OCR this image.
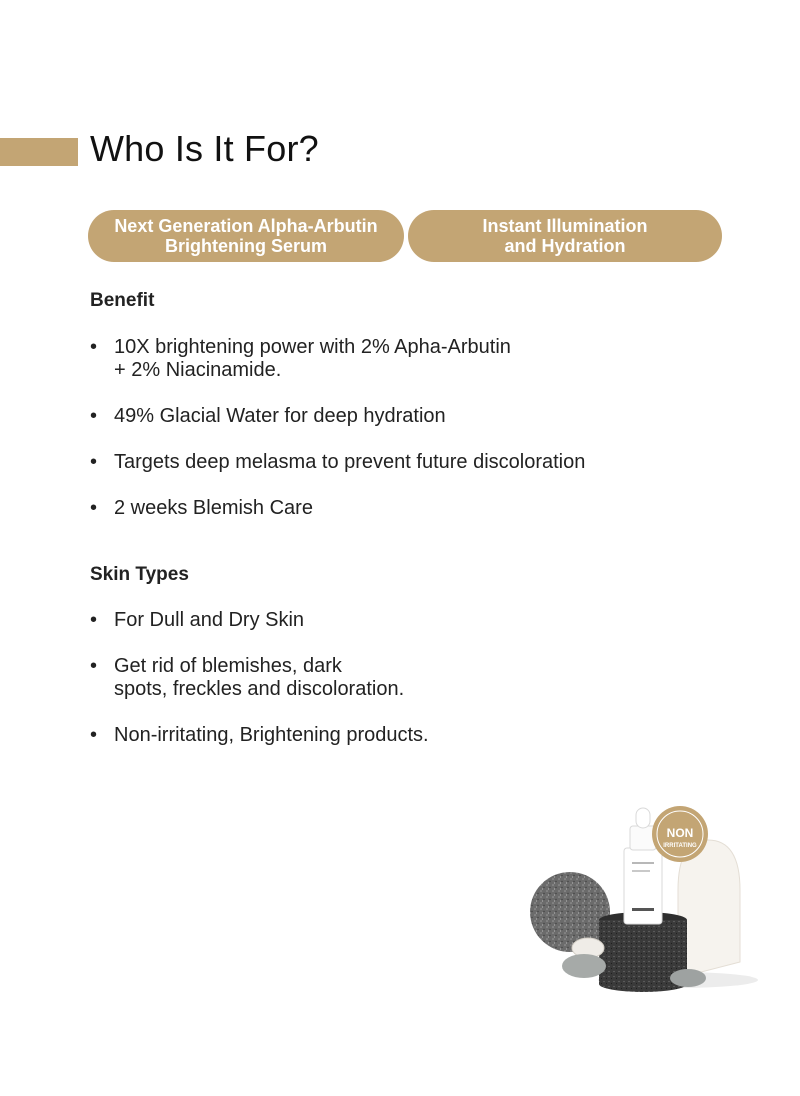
Who Is It For?
Next Generation Alpha-Arbutin
Brightening Serum
Instant Illumination
and Hydration
Benefit
• 10X brightening power with 2% Apha-Arbutin
+ 2% Niacinamide.
• 49% Glacial Water for deep hydration
• Targets deep melasma to prevent future discoloration
• 2 weeks Blemish Care
Skin Types
• For Dull and Dry Skin
• Get rid of blemishes, dark
spots, freckles and discoloration.
• Non-irritating, Brightening products.
NON
IRRITATING
